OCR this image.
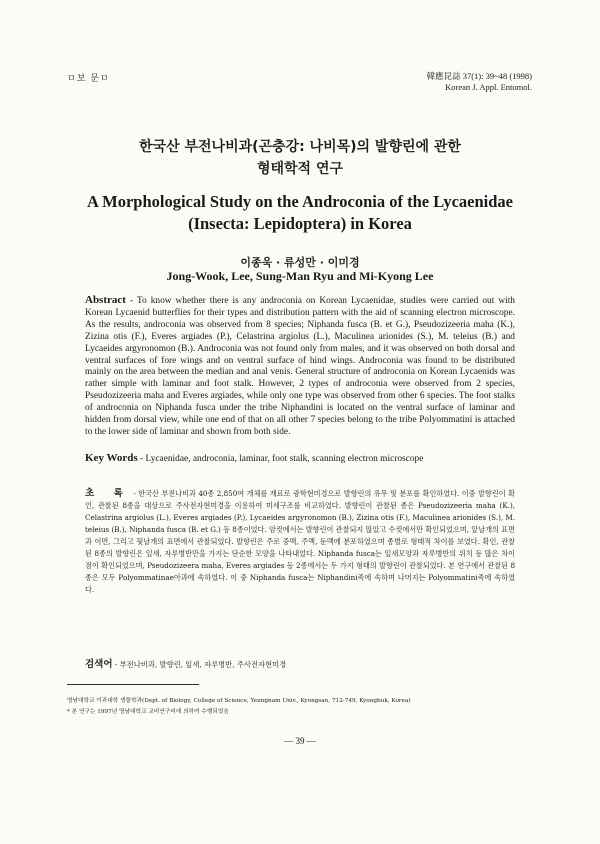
ㅁ보 문ㅁ	韓應昆誌 37(1): 39~48 (1998)
Korean J. Appl. Entomol.
한국산 부전나비과(곤충강: 나비목)의 발향린에 관한
형태학적 연구
A Morphological Study on the Androconia of the Lycaenidae
(Insecta: Lepidoptera) in Korea
이종욱 · 류성만 · 이미경
Jong-Wook, Lee, Sung-Man Ryu and Mi-Kyong Lee
Abstract - To know whether there is any androconia on Korean Lycaenidae, studies were carried out with Korean Lycaenid butterflies for their types and distribution pattern with the aid of scanning electron microscope. As the results, androconia was observed from 8 species; Niphanda fusca (B. et G.), Pseudozizeeria maha (K.), Zizina otis (F.), Everes argiades (P.), Celastrina argiolus (L.), Maculinea arionides (S.), M. teleius (B.) and Lycaeides argyronomon (B.). Androconia was not found only from males, and it was observed on both dorsal and ventral surfaces of fore wings and on ventral surface of hind wings. Androconia was found to be distributed mainly on the area between the median and anal venis. General structure of androconia on Korean Lycaenids was rather simple with laminar and foot stalk. However, 2 types of androconia were observed from 2 species, Pseudozizeeria maha and Everes argiades, while only one type was observed from other 6 species. The foot stalks of androconia on Niphanda fusca under the tribe Niphandini is located on the ventral surface of laminar and hidden from dorsal view, while one end of that on all other 7 species belong to the tribe Polyommatini is attached to the lower side of laminar and shown from both side.
Key Words - Lycaenidae, androconia, laminar, foot stalk, scanning electron microscope
초 록 - 한국산 부전나비과 40종 2,850여 개체를 재료로 광학현미경으로 발향린의 유무 및 분포를 확인하였다. 이중 발향린이 확인, 관찰된 8종을 대상으로 주사전자현미경을 이용하여 미세구조를 비교하였다. 발향린이 관찰된 종은 Pseudozizeeria maha (K.), Celastrina argiolus (L.), Everes argiades (P.), Lycaeides argyronomon (B.), Zizina otis (F.), Maculinea arionides (S.), M. teleius (B.), Niphanda fusca (B. et G.) 등 8종이었다. 암컷에서는 발향린이 관찰되지 않았고 수컷에서만 확인되었으며, 앞날개의 표면과 이면, 그리고 뒷날개의 표면에서 관찰되었다. 발향린은 주로 중맥, 주맥, 둔맥에 분포하였으며 종별로 형태적 차이를 보였다. 확인, 관찰된 8종의 발향린은 잎새, 자루병반만을 가지는 단순한 모양을 나타내었다. Niphanda fusca는 잎새모양과 자루병반의 위치 등 많은 차이점이 확인되었으며, Pseudozizeera maha, Everes argiades 등 2종에서는 두 가지 형태의 발향린이 관찰되었다. 본 연구에서 관찰된 8종은 모두 Polyommatinae아과에 속하였다. 이 중 Niphanda fusca는 Niphandini족에 속하며 나머지는 Polyommatini족에 속하였다.
검색어 - 부전나비과, 발향린, 잎새, 자루병반, 주사전자현미경
영남대학교 이과대학 생물학과(Dept. of Biology, College of Science, Yeungnam Univ., Kyongsan, 712-749, Kyongbuk, Korea)
* 본 연구는 1997년 영남대학교 교비연구비에 의하여 수행되었음
— 39 —
